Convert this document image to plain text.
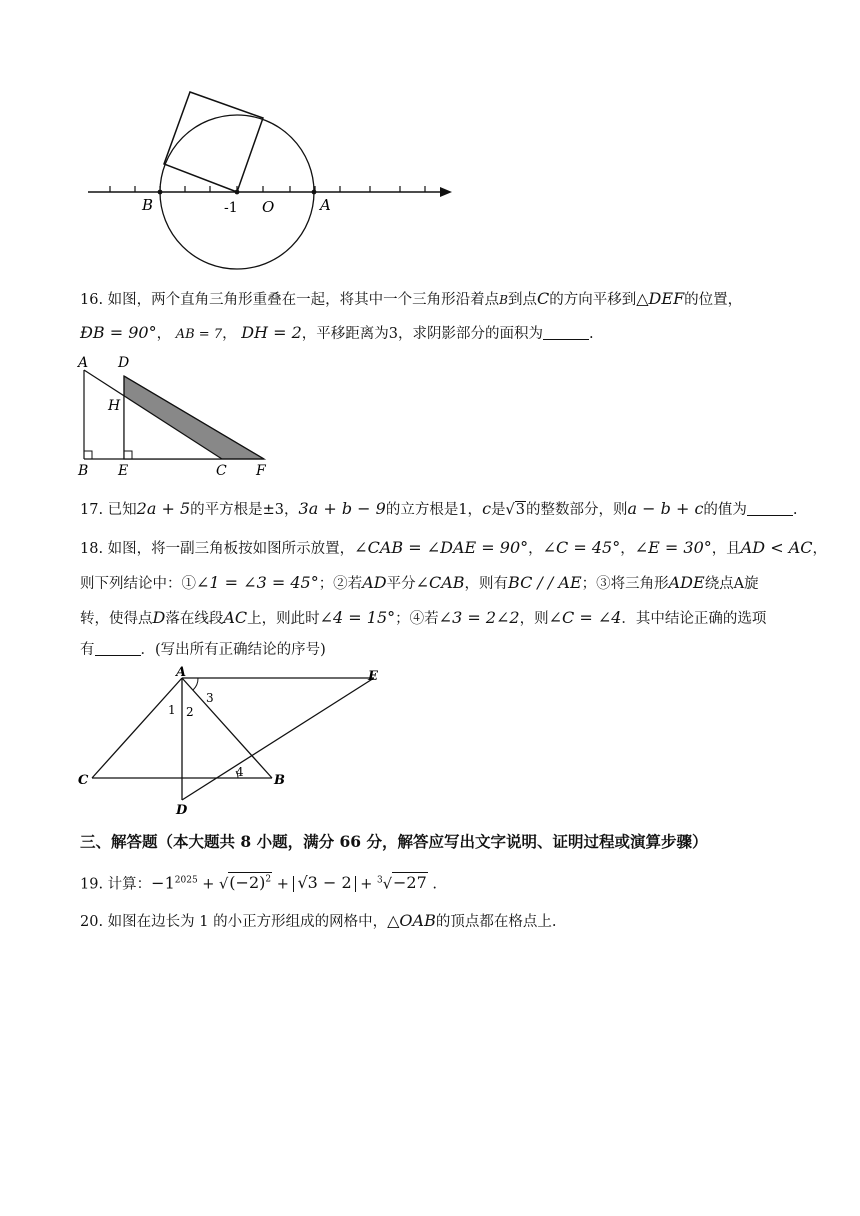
B	-1 O	A
16. 如图，两个直角三角形重叠在一起，将其中一个三角形沿着点B到点C的方向平移到△DEF的位置，
ÐB = 90°， AB = 7， DH = 2，平移距离为3，求阴影部分的面积为	.
A D
H
B E	C F
17. 已知2a + 5的平方根是±3，3a + b − 9的立方根是1，c是√3的整数部分，则a − b + c的值为	.
18. 如图，将一副三角板按如图所示放置，∠CAB = ∠DAE = 90°，∠C = 45°，∠E = 30°，且AD < AC，
则下列结论中：①∠1 = ∠3 = 45°；②若AD平分∠CAB，则有BC / / AE；③将三角形ADE绕点A旋
转，使得点D落在线段AC上，则此时∠4 = 15°；④若∠3 = 2∠2，则∠C = ∠4．其中结论正确的选项
有	．(写出所有正确结论的序号)
A	E
C	B
D
1 2
3
4
三、解答题（本大题共 8 小题，满分 66 分，解答应写出文字说明、证明过程或演算步骤）
19. 计算：$-1^{2025} + √(-2)^2 + √3 - 2 + ^3√-27$ .
20. 如图在边长为 1 的小正方形组成的网格中，△OAB的顶点都在格点上.
